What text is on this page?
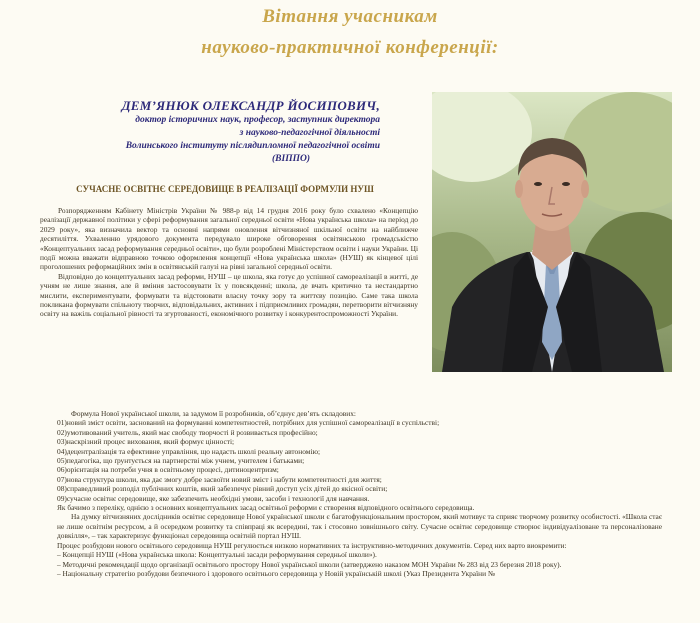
Вітання учасникам
науково-практичної конференції:
ДЕМ’ЯНЮК ОЛЕКСАНДР ЙОСИПОВИЧ,
доктор історичних наук, професор, заступник директора
з науково-педагогічної діяльності
Волинського інституту післядипломної педагогічної освіти
(ВІППО)
СУЧАСНЕ ОСВІТНЄ СЕРЕДОВИЩЕ В РЕАЛІЗАЦІЇ ФОРМУЛИ НУШ

Розпорядженням Кабінету Міністрів України № 988-р від 14 грудня 2016 року було схвалено «Концепцію реалізації державної політики у сфері реформування загальної середньої освіти «Нова українська школа» на період до 2029 року», яка визначила вектор та основні напрями оновлення вітчизняної шкільної освіти на найближче десятиліття. Ухваленню урядового документа передувало широке обговорення освітянською громадськістю «Концептуальних засад реформування середньої освіти», що були розроблені Міністерством освіти і науки України. Ці події можна вважати відправною точкою оформлення концепції «Нова українська школа» (НУШ) як кінцевої цілі проголошених реформаційних змін в освітянській галузі на рівні загальної середньої освіти.

Відповідно до концептуальних засад реформи, НУШ – це школа, яка готує до успішної самореалізації в житті, де учням не лише знання, але й вміння застосовувати їх у повсякденні; школа, де вчать критично та нестандартно мислити, експериментувати, формувати та відстоювати власну точку зору та життєву позицію. Саме така школа покликана формувати спільноту творчих, відповідальних, активних і підприємливих громадян, перетворити вітчизняну освіту на важіль соціальної рівності та згуртованості, економічного розвитку і конкурентоспроможності України.

Формула Нової української школи, за задумом її розробників, об’єднує дев’ять складових:

01)новий зміст освіти, заснований на формуванні компетентностей, потрібних для успішної самореалізації в суспільстві;

02)умотивований учитель, який має свободу творчості й розвивається професійно;

03)наскрізний процес виховання, який формує цінності;

04)децентралізація та ефективне управління, що надасть школі реальну автономію;

05)педагогіка, що ґрунтується на партнерстві між учнем, учителем і батьками;

06)орієнтація на потреби учня в освітньому процесі, дитиноцентризм;

07)нова структура школи, яка дає змогу добре засвоїти новий зміст і набути компетентності для життя;

08)справедливий розподіл публічних коштів, який забезпечує рівний доступ усіх дітей до якісної освіти;

09)сучасне освітнє середовище, яке забезпечить необхідні умови, засоби і технології для навчання.

Як бачимо з переліку, однією з основних концептуальних засад освітньої реформи є створення відповідного освітнього середовища.

На думку вітчизняних дослідників освітнє середовище Нової української школи є багатофункціональним простором, який мотивує та сприяє творчому розвитку особистості. «Школа стає не лише освітнім ресурсом, а й осередком розвитку та співпраці як всередині, так і стосовно зовнішнього світу. Сучасне освітнє середовище створює індивідуалізоване та персоналізоване довкілля», – так характеризує функціонал середовища освітній портал НУШ.

Процес розбудови нового освітнього середовища НУШ регулюється низкою нормативних та інструктивно-методичних документів. Серед них варто виокремити:

– Концепції НУШ («Нова українська школа: Концептуальні засади реформування середньої школи»).

– Методичні рекомендації щодо організації освітнього простору Нової української школи (затверджено наказом МОН України № 283 від 23 березня 2018 року).

– Національну стратегію розбудови безпечного і здорового освітнього середовища у Новій українській школі (Указ Президента України №
